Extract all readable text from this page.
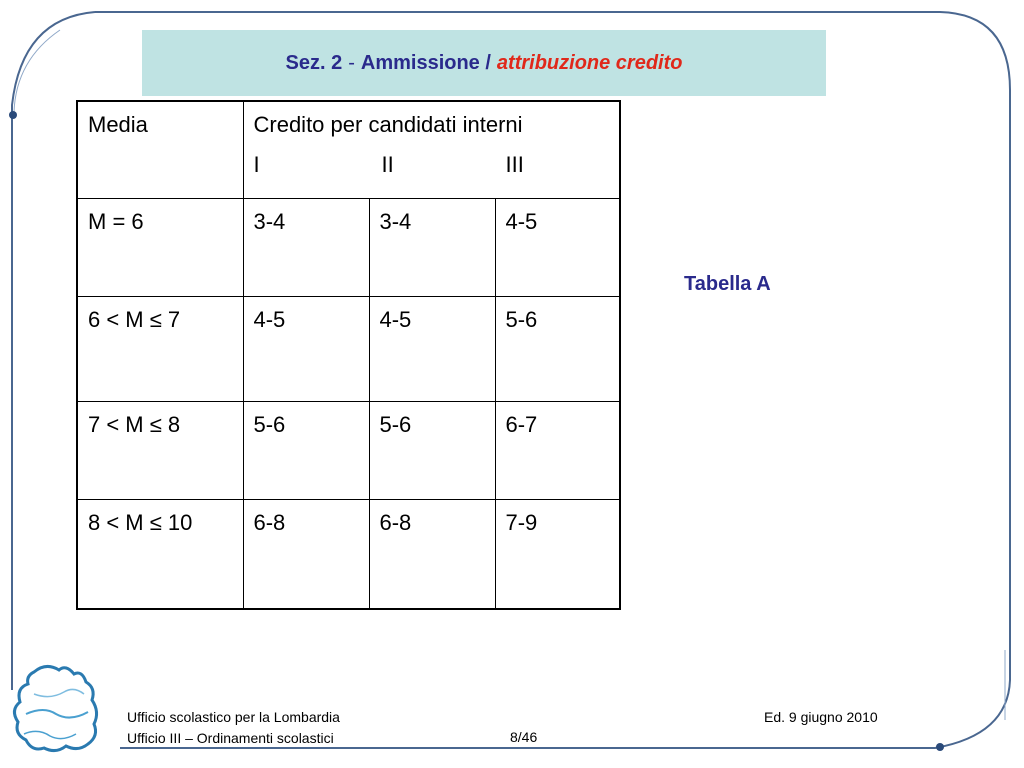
Sez. 2 - Ammissione / attribuzione credito
Media	Credito per candidati interni
I II III		

M = 6	3-4	3-4	4-5
6 < M ≤ 7	4-5	4-5	5-6
7 < M ≤ 8	5-6	5-6	6-7
8 < M ≤ 10	6-8	6-8	7-9
Tabella A
Ufficio scolastico per la Lombardia
Ufficio III – Ordinamenti scolastici	8/46
Ed. 9 giugno 2010
